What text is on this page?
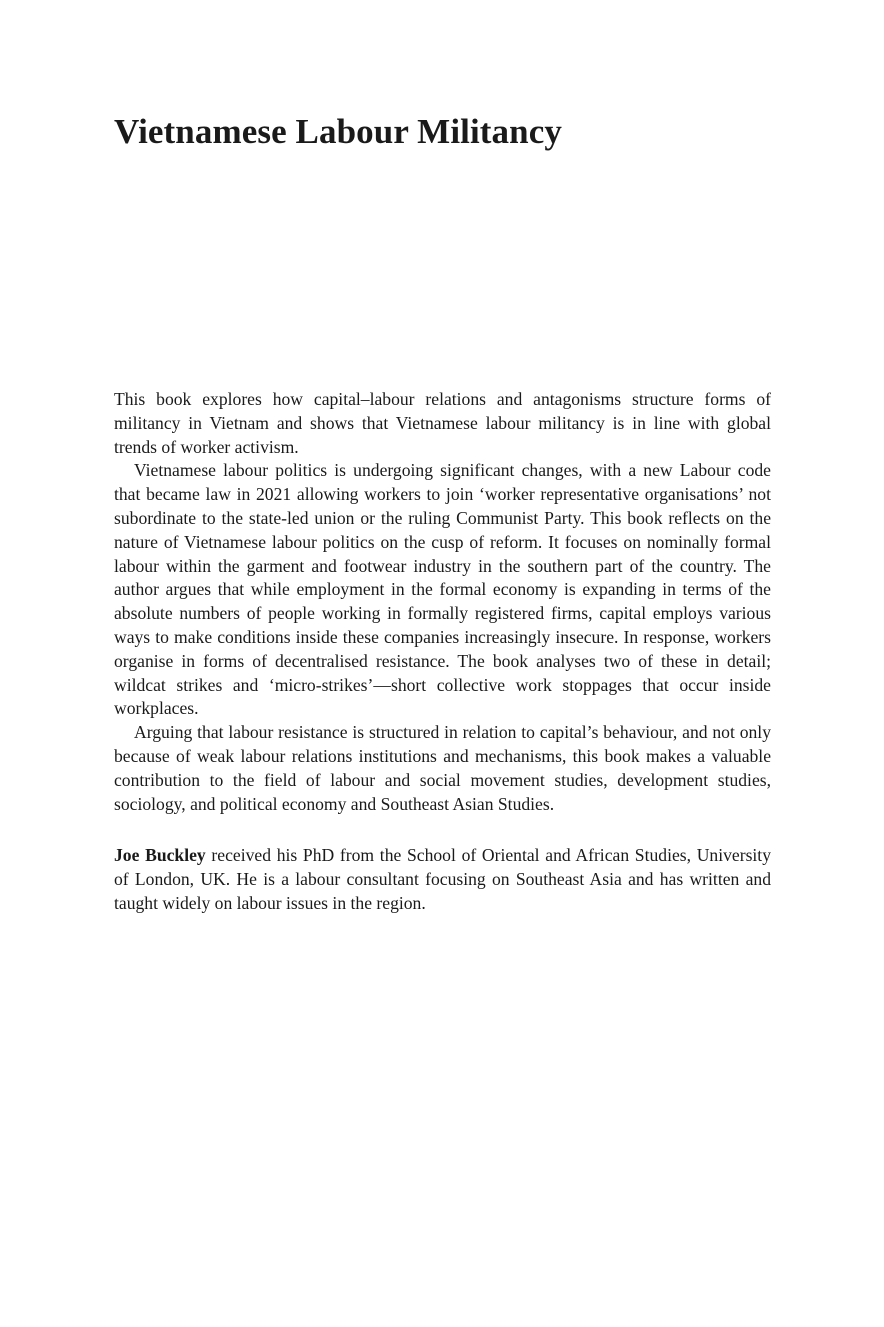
Vietnamese Labour Militancy

This book explores how capital–labour relations and antagonisms structure forms of militancy in Vietnam and shows that Vietnamese labour militancy is in line with global trends of worker activism.

Vietnamese labour politics is undergoing significant changes, with a new Labour code that became law in 2021 allowing workers to join ‘worker representative organisations’ not subordinate to the state-led union or the ruling Communist Party. This book reflects on the nature of Vietnamese labour politics on the cusp of reform. It focuses on nominally formal labour within the garment and footwear industry in the southern part of the country. The author argues that while employment in the formal economy is expanding in terms of the absolute numbers of people working in formally registered firms, capital employs various ways to make conditions inside these companies increasingly insecure. In response, workers organise in forms of decentralised resistance. The book analyses two of these in detail; wildcat strikes and ‘micro-strikes’—short collective work stoppages that occur inside workplaces.

Arguing that labour resistance is structured in relation to capital’s behaviour, and not only because of weak labour relations institutions and mechanisms, this book makes a valuable contribution to the field of labour and social movement studies, development studies, sociology, and political economy and Southeast Asian Studies.

Joe Buckley received his PhD from the School of Oriental and African Studies, University of London, UK. He is a labour consultant focusing on Southeast Asia and has written and taught widely on labour issues in the region.
